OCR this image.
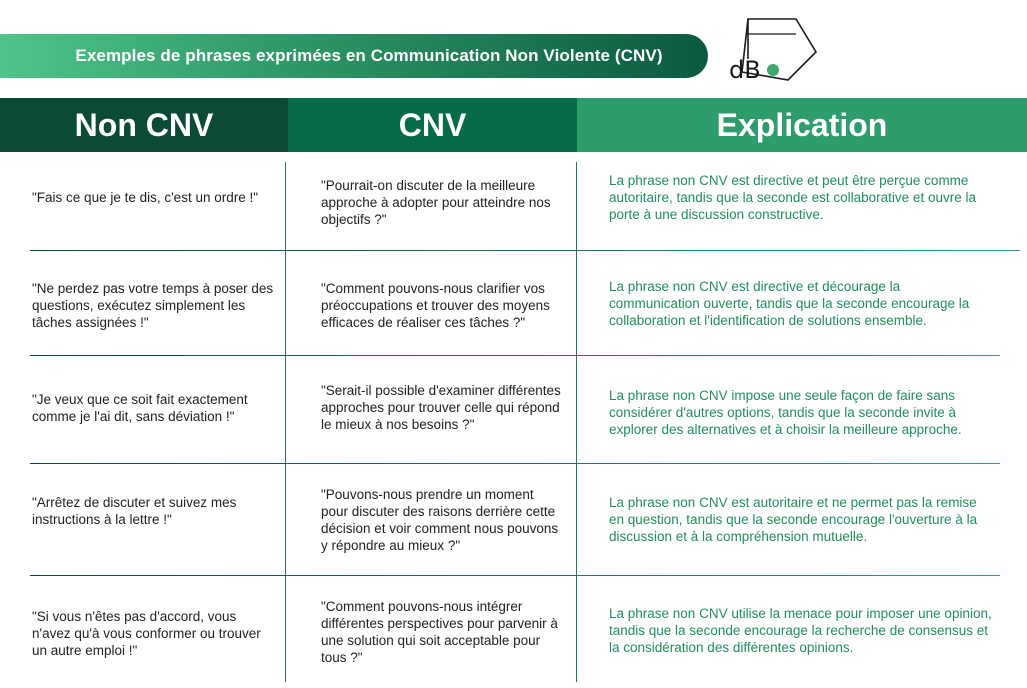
Exemples de phrases exprimées en Communication Non Violente (CNV)
dB
Non CNV	CNV	Explication
"Fais ce que je te dis, c'est un ordre !"
"Pourrait-on discuter de la meilleure approche à adopter pour atteindre nos objectifs ?"
La phrase non CNV est directive et peut être perçue comme autoritaire, tandis que la seconde est collaborative et ouvre la porte à une discussion constructive.
"Ne perdez pas votre temps à poser des questions, exécutez simplement les tâches assignées !"
"Comment pouvons-nous clarifier vos préoccupations et trouver des moyens efficaces de réaliser ces tâches ?"
La phrase non CNV est directive et décourage la communication ouverte, tandis que la seconde encourage la collaboration et l'identification de solutions ensemble.
"Je veux que ce soit fait exactement comme je l'ai dit, sans déviation !"
"Serait-il possible d'examiner différentes approches pour trouver celle qui répond le mieux à nos besoins ?"
La phrase non CNV impose une seule façon de faire sans considérer d'autres options, tandis que la seconde invite à explorer des alternatives et à choisir la meilleure approche.
"Arrêtez de discuter et suivez mes instructions à la lettre !"
"Pouvons-nous prendre un moment pour discuter des raisons derrière cette décision et voir comment nous pouvons y répondre au mieux ?"
La phrase non CNV est autoritaire et ne permet pas la remise en question, tandis que la seconde encourage l'ouverture à la discussion et à la compréhension mutuelle.
"Si vous n'êtes pas d'accord, vous n'avez qu'à vous conformer ou trouver un autre emploi !"
"Comment pouvons-nous intégrer différentes perspectives pour parvenir à une solution qui soit acceptable pour tous ?"
La phrase non CNV utilise la menace pour imposer une opinion, tandis que la seconde encourage la recherche de consensus et la considération des différentes opinions.
